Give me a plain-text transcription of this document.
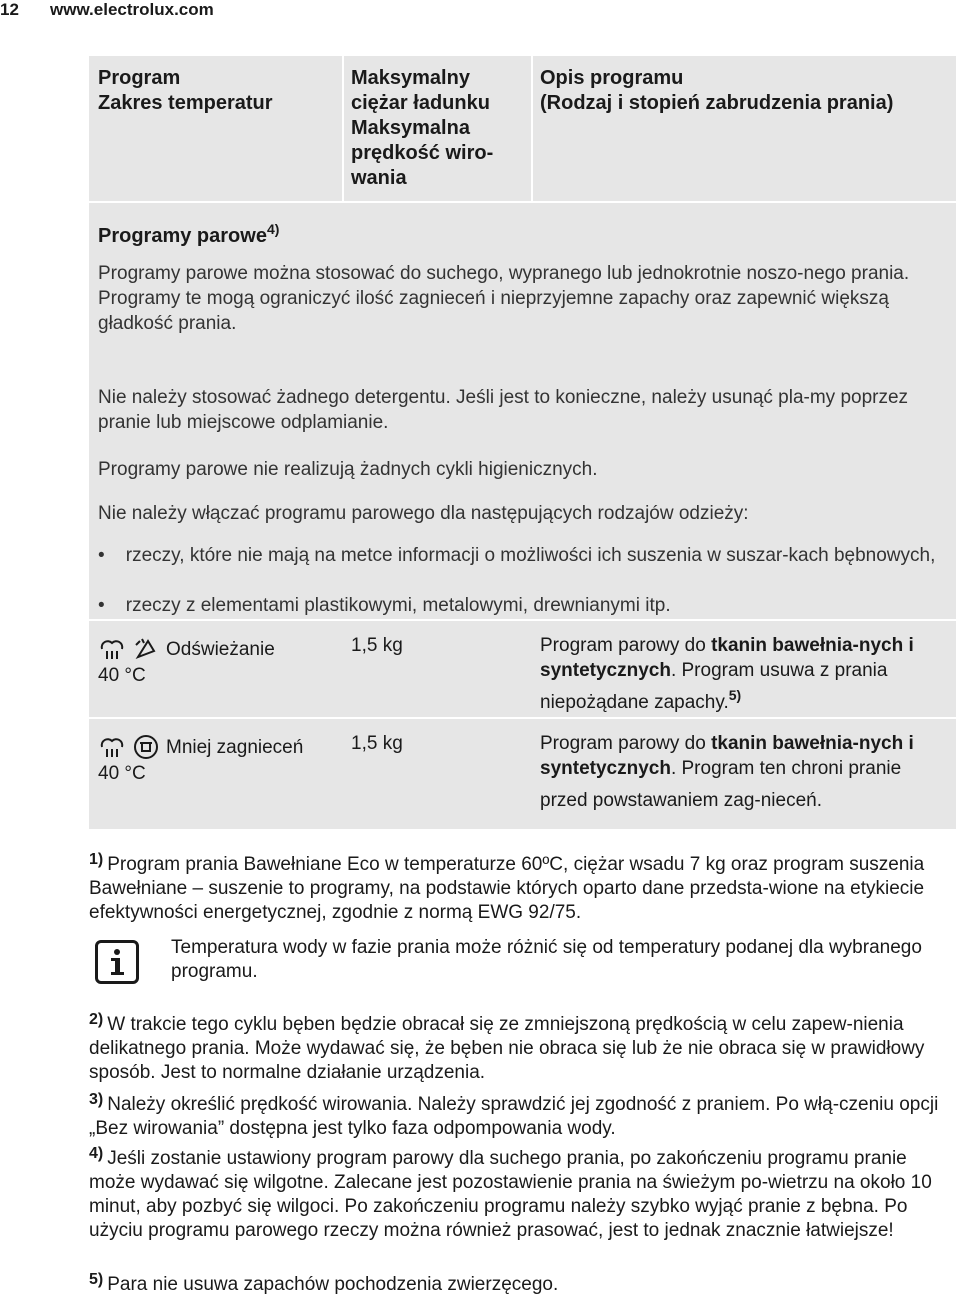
12 www.electrolux.com
Program
Zakres temperatur
Maksymalny
ciężar ładunku
Maksymalna
prędkość wiro-
wania
Opis programu
(Rodzaj i stopień zabrudzenia prania)
Programy parowe$^{4)}$
Programy parowe można stosować do suchego, wypranego lub jednokrotnie noszo-nego prania. Programy te mogą ograniczyć ilość zagnieceń i nieprzyjemne zapachy oraz zapewnić większą gładkość prania.
Nie należy stosować żadnego detergentu. Jeśli jest to konieczne, należy usunąć pla-my poprzez pranie lub miejscowe odplamianie.
Programy parowe nie realizują żadnych cykli higienicznych.
Nie należy włączać programu parowego dla następujących rodzajów odzieży:
•    rzeczy, które nie mają na metce informacji o możliwości ich suszenia w suszar-kach bębnowych,
•    rzeczy z elementami plastikowymi, metalowymi, drewnianymi itp.
Odświeżanie
40 °C
1,5 kg	Program parowy do tkanin bawełnia-nych i syntetycznych. Program usuwa z prania niepożądane zapachy.$^{5)}$
Mniej zagnieceń
40 °C
1,5 kg	Program parowy do tkanin bawełnia-nych i syntetycznych. Program ten chroni pranie przed powstawaniem zag-nieceń.
$^{1)}$ Program prania Bawełniane Eco w temperaturze 60ºC, ciężar wsadu 7 kg oraz program suszenia Bawełniane – suszenie to programy, na podstawie których oparto dane przedsta-wione na etykiecie efektywności energetycznej, zgodnie z normą EWG 92/75.
Temperatura wody w fazie prania może różnić się od temperatury podanej dla wybranego programu.
$^{2)}$ W trakcie tego cyklu bęben będzie obracał się ze zmniejszoną prędkością w celu zapew-nienia delikatnego prania. Może wydawać się, że bęben nie obraca się lub że nie obraca się w prawidłowy sposób. Jest to normalne działanie urządzenia.
$^{3)}$ Należy określić prędkość wirowania. Należy sprawdzić jej zgodność z praniem. Po włą-czeniu opcji „Bez wirowania” dostępna jest tylko faza odpompowania wody.
$^{4)}$ Jeśli zostanie ustawiony program parowy dla suchego prania, po zakończeniu programu pranie może wydawać się wilgotne. Zalecane jest pozostawienie prania na świeżym po-wietrzu na około 10 minut, aby pozbyć się wilgoci. Po zakończeniu programu należy szybko wyjąć pranie z bębna. Po użyciu programu parowego rzeczy można również prasować, jest to jednak znacznie łatwiejsze!
$^{5)}$ Para nie usuwa zapachów pochodzenia zwierzęcego.
